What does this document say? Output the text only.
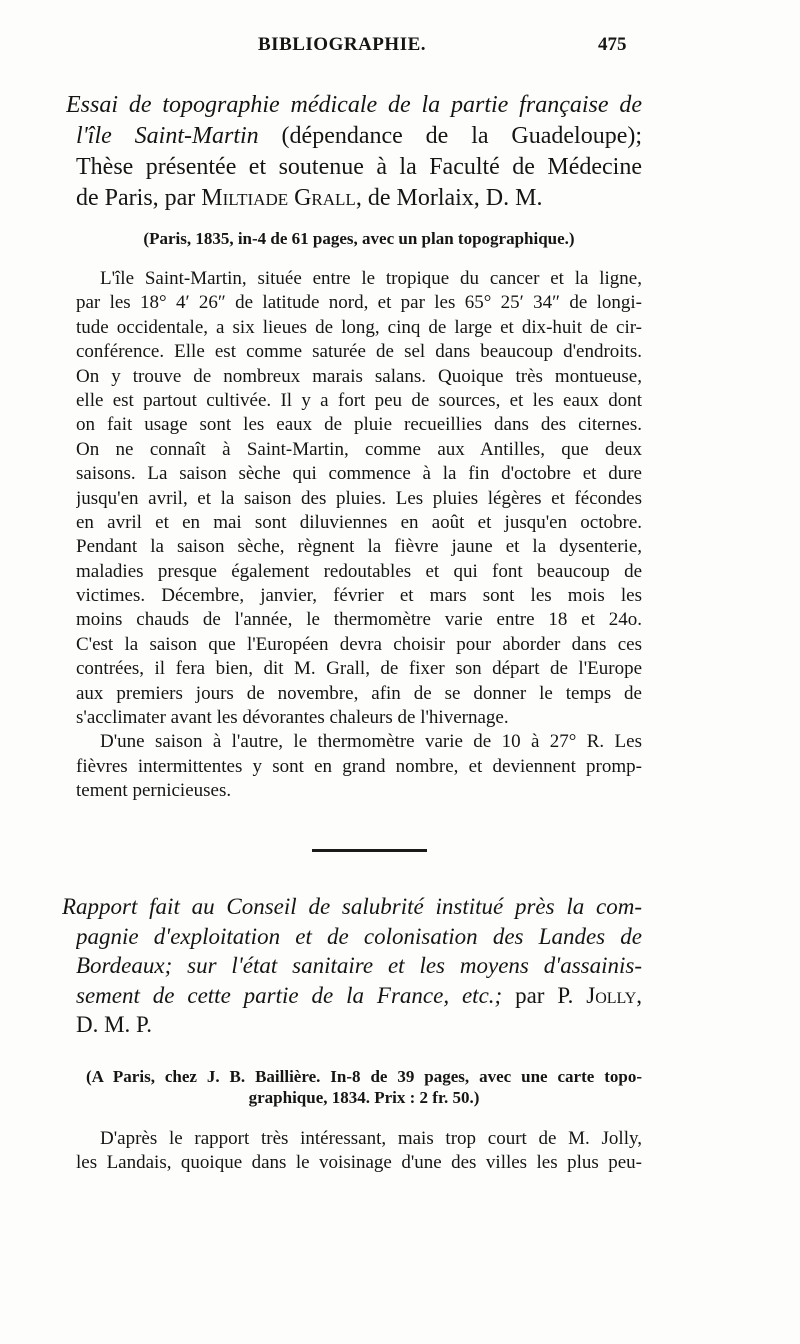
BIBLIOGRAPHIE.	475
Essai de topographie médicale de la partie française de
l'île Saint-Martin (dépendance de la Guadeloupe);
Thèse présentée et soutenue à la Faculté de Médecine
de Paris, par Miltiade Grall, de Morlaix, D. M.
(Paris, 1835, in-4 de 61 pages, avec un plan topographique.)
L'île Saint-Martin, située entre le tropique du cancer et la ligne,
par les 18° 4′ 26″ de latitude nord, et par les 65° 25′ 34″ de longi-
tude occidentale, a six lieues de long, cinq de large et dix-huit de cir-
conférence. Elle est comme saturée de sel dans beaucoup d'endroits.
On y trouve de nombreux marais salans. Quoique très montueuse,
elle est partout cultivée. Il y a fort peu de sources, et les eaux dont
on fait usage sont les eaux de pluie recueillies dans des citernes.
On ne connaît à Saint-Martin, comme aux Antilles, que deux
saisons. La saison sèche qui commence à la fin d'octobre et dure
jusqu'en avril, et la saison des pluies. Les pluies légères et fécondes
en avril et en mai sont diluviennes en août et jusqu'en octobre.
Pendant la saison sèche, règnent la fièvre jaune et la dysenterie,
maladies presque également redoutables et qui font beaucoup de
victimes. Décembre, janvier, février et mars sont les mois les
moins chauds de l'année, le thermomètre varie entre 18 et 24o.
C'est la saison que l'Européen devra choisir pour aborder dans ces
contrées, il fera bien, dit M. Grall, de fixer son départ de l'Europe
aux premiers jours de novembre, afin de se donner le temps de
s'acclimater avant les dévorantes chaleurs de l'hivernage.
D'une saison à l'autre, le thermomètre varie de 10 à 27° R. Les
fièvres intermittentes y sont en grand nombre, et deviennent promp-
tement pernicieuses.
Rapport fait au Conseil de salubrité institué près la com-
pagnie d'exploitation et de colonisation des Landes de
Bordeaux; sur l'état sanitaire et les moyens d'assainis-
sement de cette partie de la France, etc.; par P. Jolly,
D. M. P.
(A Paris, chez J. B. Baillière. In-8 de 39 pages, avec une carte topo-
graphique, 1834. Prix : 2 fr. 50.)
D'après le rapport très intéressant, mais trop court de M. Jolly,
les Landais, quoique dans le voisinage d'une des villes les plus peu-
